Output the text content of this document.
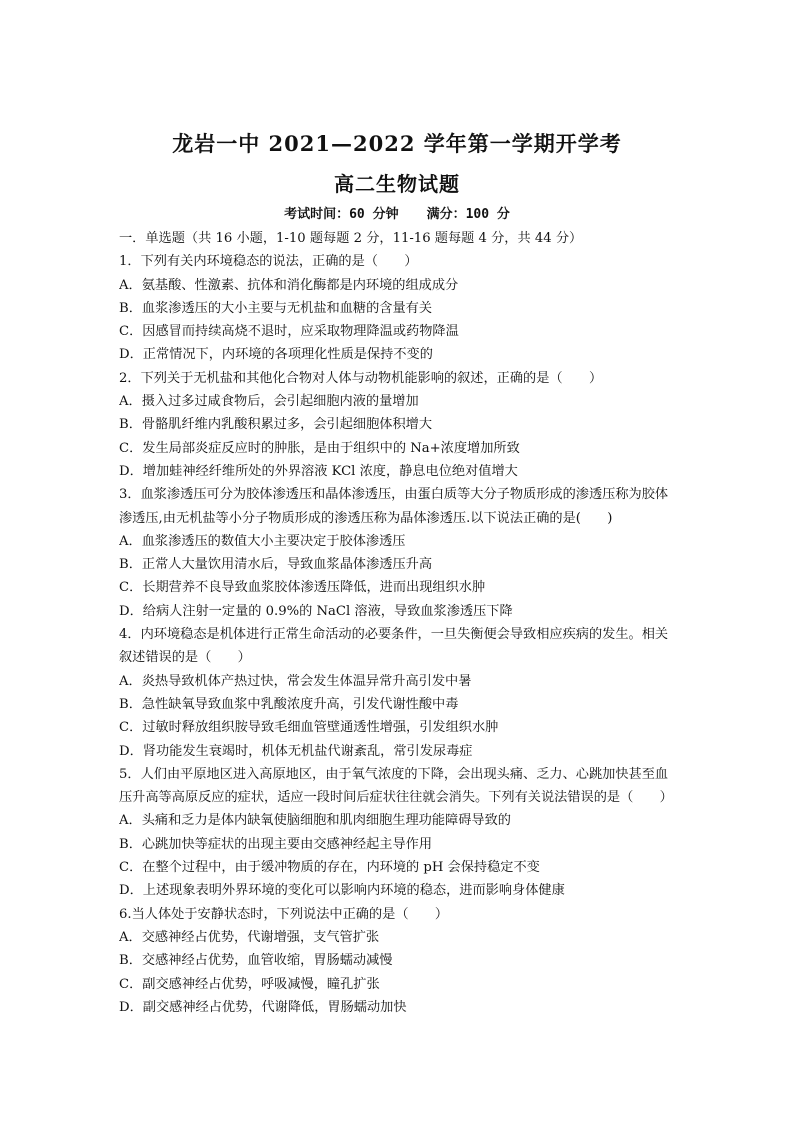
龙岩一中 2021—2022 学年第一学期开学考
高二生物试题
考试时间：60 分钟 满分：100 分
一．单选题（共 16 小题，1-10 题每题 2 分，11-16 题每题 4 分，共 44 分）
1．下列有关内环境稳态的说法，正确的是（　　）
A．氨基酸、性激素、抗体和消化酶都是内环境的组成成分
B．血浆渗透压的大小主要与无机盐和血糖的含量有关
C．因感冒而持续高烧不退时，应采取物理降温或药物降温
D．正常情况下，内环境的各项理化性质是保持不变的
2．下列关于无机盐和其他化合物对人体与动物机能影响的叙述，正确的是（　　）
A．摄入过多过咸食物后，会引起细胞内液的量增加
B．骨骼肌纤维内乳酸积累过多，会引起细胞体积增大
C．发生局部炎症反应时的肿胀，是由于组织中的 Na+浓度增加所致
D．增加蛙神经纤维所处的外界溶液 KCl 浓度，静息电位绝对值增大
3．血浆渗透压可分为胶体渗透压和晶体渗透压，由蛋白质等大分子物质形成的渗透压称为胶体渗透压,由无机盐等小分子物质形成的渗透压称为晶体渗透压.以下说法正确的是(　　)
A．血浆渗透压的数值大小主要决定于胶体渗透压
B．正常人大量饮用清水后，导致血浆晶体渗透压升高
C．长期营养不良导致血浆胶体渗透压降低，进而出现组织水肿
D．给病人注射一定量的 0.9%的 NaCl 溶液，导致血浆渗透压下降
4．内环境稳态是机体进行正常生命活动的必要条件，一旦失衡便会导致相应疾病的发生。相关叙述错误的是（　　）
A．炎热导致机体产热过快，常会发生体温异常升高引发中暑
B．急性缺氧导致血浆中乳酸浓度升高，引发代谢性酸中毒
C．过敏时释放组织胺导致毛细血管壁通透性增强，引发组织水肿
D．肾功能发生衰竭时，机体无机盐代谢紊乱，常引发尿毒症
5．人们由平原地区进入高原地区，由于氧气浓度的下降，会出现头痛、乏力、心跳加快甚至血压升高等高原反应的症状，适应一段时间后症状往往就会消失。下列有关说法错误的是（　　）
A．头痛和乏力是体内缺氧使脑细胞和肌肉细胞生理功能障碍导致的
B．心跳加快等症状的出现主要由交感神经起主导作用
C．在整个过程中，由于缓冲物质的存在，内环境的 pH 会保持稳定不变
D．上述现象表明外界环境的变化可以影响内环境的稳态，进而影响身体健康
6.当人体处于安静状态时，下列说法中正确的是（　　）
A．交感神经占优势，代谢增强，支气管扩张
B．交感神经占优势，血管收缩，胃肠蠕动减慢
C．副交感神经占优势，呼吸减慢，瞳孔扩张
D．副交感神经占优势，代谢降低，胃肠蠕动加快
